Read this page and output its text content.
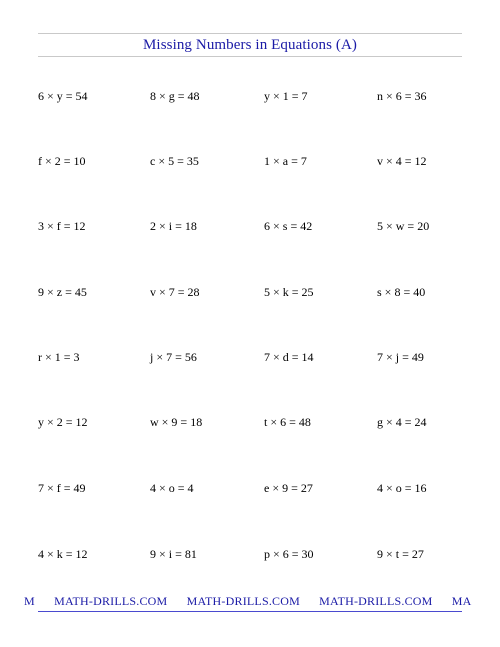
Missing Numbers in Equations (A)
6 × y = 54	8 × g = 48	y × 1 = 7	n × 6 = 36
f × 2 = 10	c × 5 = 35	1 × a = 7	v × 4 = 12
3 × f = 12	2 × i = 18	6 × s = 42	5 × w = 20
9 × z = 45	v × 7 = 28	5 × k = 25	s × 8 = 40
r × 1 = 3	j × 7 = 56	7 × d = 14	7 × j = 49
y × 2 = 12	w × 9 = 18	t × 6 = 48	g × 4 = 24
7 × f = 49	4 × o = 4	e × 9 = 27	4 × o = 16
4 × k = 12	9 × i = 81	p × 6 = 30	9 × t = 27
M MATH-DRILLS.COM MATH-DRILLS.COM MATH-DRILLS.COM MA
